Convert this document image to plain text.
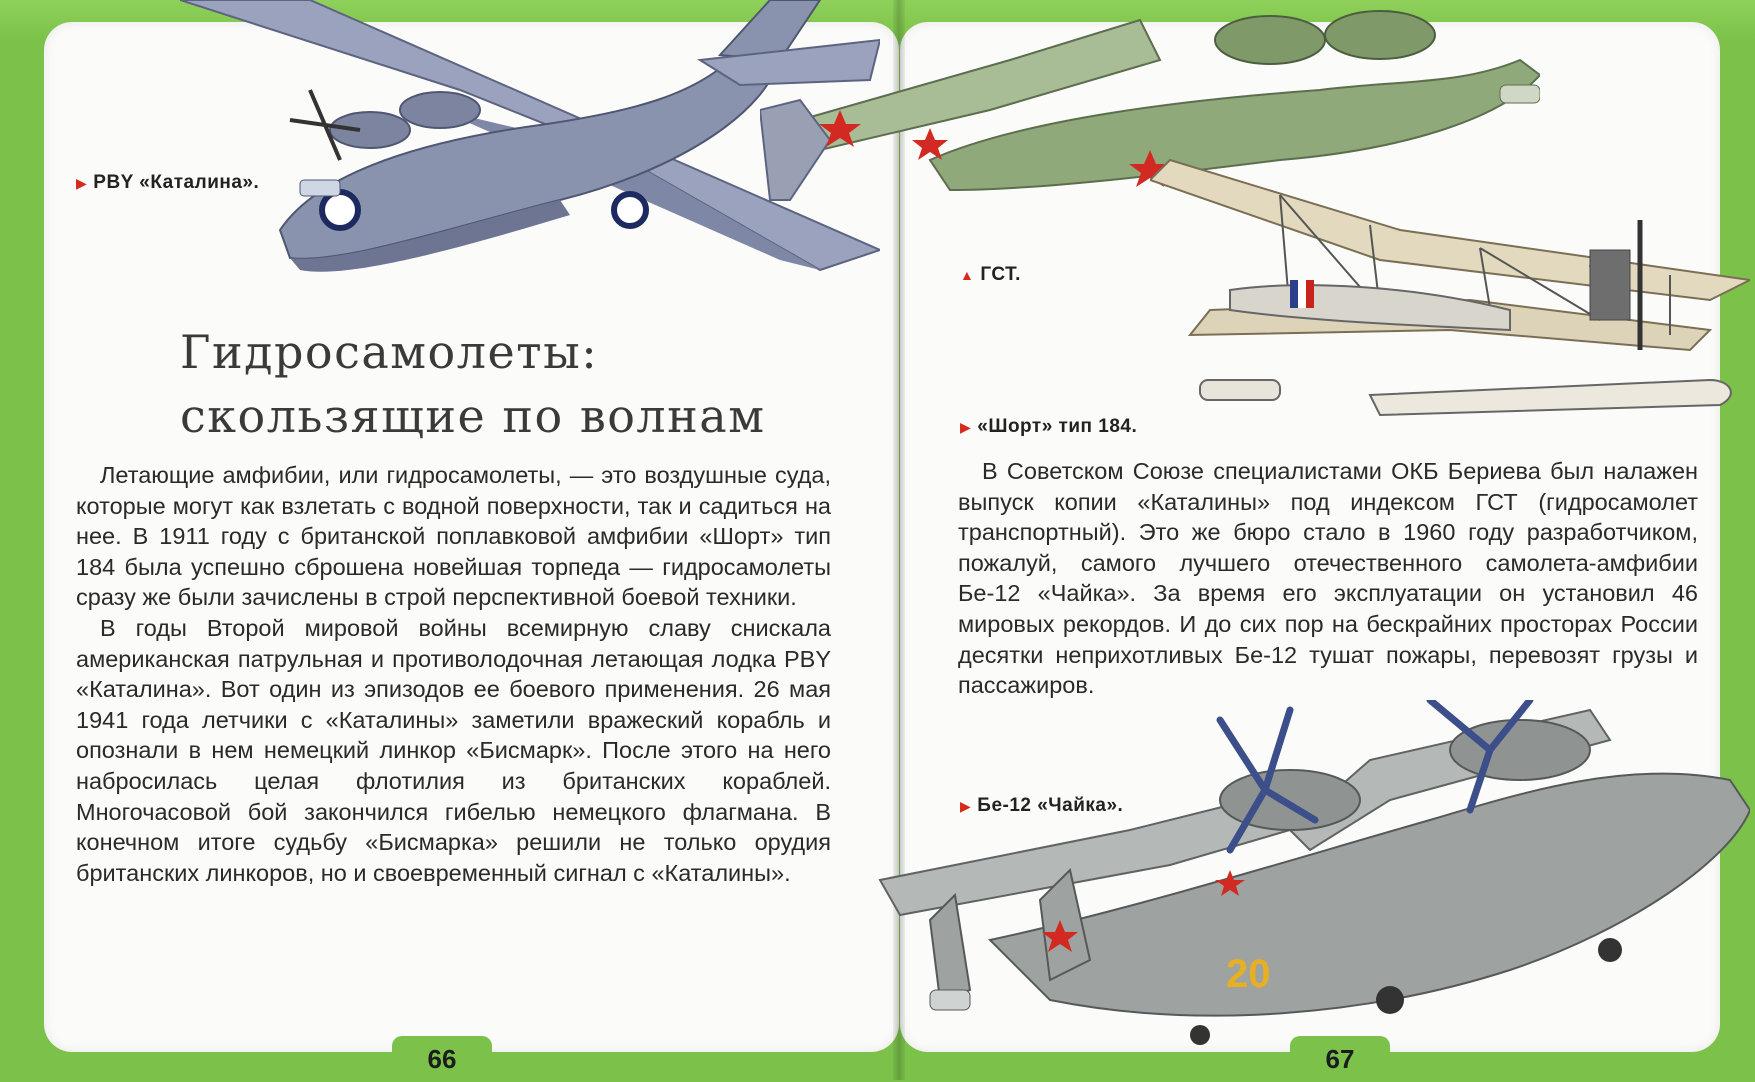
▶ PBY «Каталина».
▲ ГСТ.
▶ «Шорт» тип 184.
Гидросамолеты:
скользящие по волнам

Летающие амфибии, или гидросамолеты, — это воздушные суда, которые могут как взлетать с водной поверхности, так и садиться на нее. В 1911 году с британской поплавковой амфибии «Шорт» тип 184 была успешно сброшена новейшая торпеда — гидросамолеты сразу же были зачислены в строй перспективной боевой техники.

В годы Второй мировой войны всемирную славу снискала американская патрульная и противолодочная летающая лодка PBY «Каталина». Вот один из эпизодов ее боевого применения. 26 мая 1941 года летчики с «Каталины» заметили вражеский корабль и опознали в нем немецкий линкор «Бисмарк». После этого на него набросилась целая флотилия из британских кораблей. Многочасовой бой закончился гибелью немецкого флагмана. В конечном итоге судьбу «Бисмарка» решили не только орудия британских линкоров, но и своевременный сигнал с «Каталины».

В Советском Союзе специалистами ОКБ Бериева был налажен выпуск копии «Каталины» под индексом ГСТ (гидросамолет транспортный). Это же бюро стало в 1960 году разработчиком, пожалуй, самого лучшего отечественного самолета-амфибии Бе-12 «Чайка». За время его эксплуатации он установил 46 мировых рекордов. И до сих пор на бескрайних просторах России десятки неприхотливых Бе-12 тушат пожары, перевозят грузы и пассажиров.

▶ Бе-12 «Чайка».
20
66	67
